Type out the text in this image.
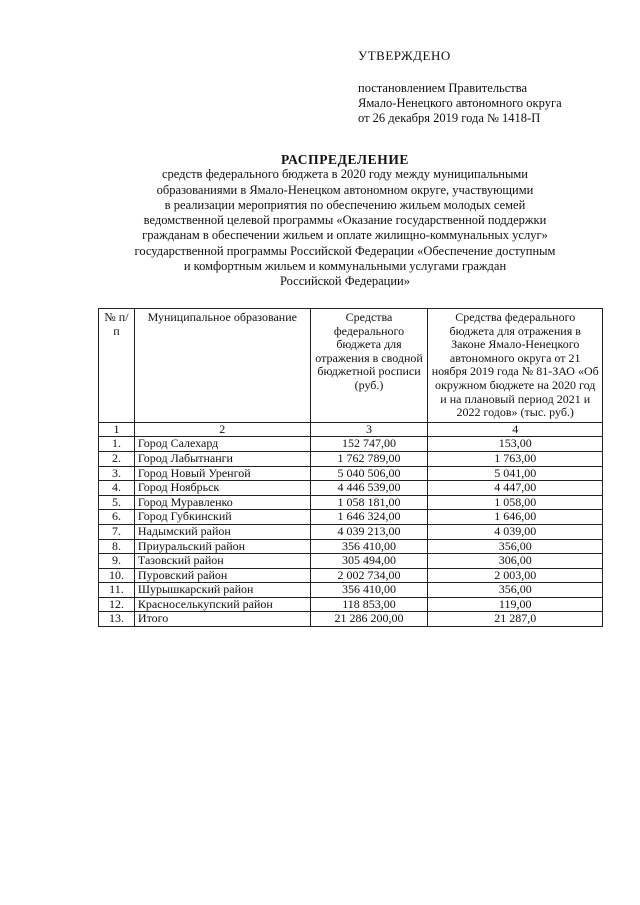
УТВЕРЖДЕНО
постановлением Правительства
Ямало-Ненецкого автономного округа
от 26 декабря 2019 года № 1418-П

РАСПРЕДЕЛЕНИЕ

средств федерального бюджета в 2020 году между муниципальными

образованиями в Ямало-Ненецком автономном округе, участвующими

в реализации мероприятия по обеспечению жильем молодых семей

ведомственной целевой программы «Оказание государственной поддержки

гражданам в обеспечении жильем и оплате жилищно-коммунальных услуг»

государственной программы Российской Федерации «Обеспечение доступным

и комфортным жильем и коммунальными услугами граждан

Российской Федерации»

№ п/п	Муниципальное образование	Средства федерального бюджета для отражения в сводной бюджетной росписи (руб.)	Средства федерального бюджета для отражения в Законе Ямало-Ненецкого автономного округа от 21 ноября 2019 года № 81-ЗАО «Об окружном бюджете на 2020 год и на плановый период 2021 и 2022 годов» (тыс. руб.)
1	2	3	4
1.	Город Салехард	152 747,00	153,00
2.	Город Лабытнанги	1 762 789,00	1 763,00
3.	Город Новый Уренгой	5 040 506,00	5 041,00
4.	Город Ноябрьск	4 446 539,00	4 447,00
5.	Город Муравленко	1 058 181,00	1 058,00
6.	Город Губкинский	1 646 324,00	1 646,00
7.	Надымский район	4 039 213,00	4 039,00
8.	Приуральский район	356 410,00	356,00
9.	Тазовский район	305 494,00	306,00
10.	Пуровский район	2 002 734,00	2 003,00
11.	Шурышкарский район	356 410,00	356,00
12.	Красноселькупский район	118 853,00	119,00
13.	Итого	21 286 200,00	21 287,0
